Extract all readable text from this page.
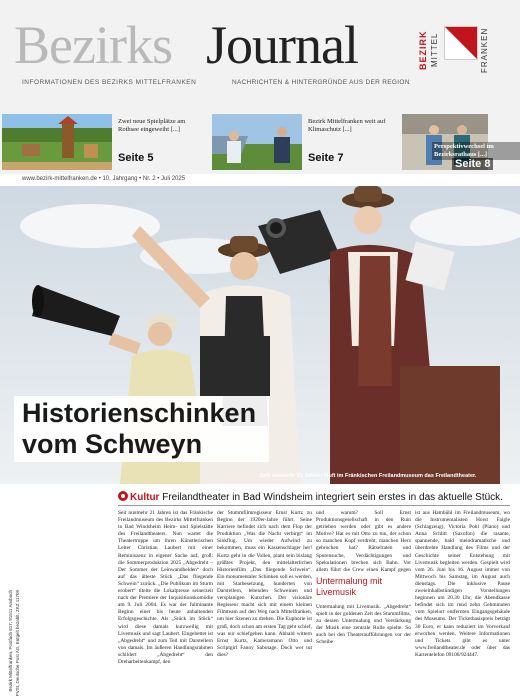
Bezirks Journal
INFORMATIONEN DES BEZIRKS MITTELFRANKEN	NACHRICHTEN & HINTERGRÜNDE AUS DER REGION
BEZIRK MITTEL	FRANKEN
Zwei neue Spielplätze am Rothsee eingeweiht [...]
Seite 5
Bezirk Mittelfranken weit auf Klimaschutz [...]
Seite 7
Perspektivwechsel im Bezirksrathaus [...]
Seite 8
www.bezirk-mittelfranken.de • 10. Jahrgang • Nr. 2 • Juli 2025
Historienschinken
vom Schweyn
Seit nunmehr 21 Jahren läuft im Fränkischen Freilandmuseum das Freilandtheater.
Bezirk Mittelfranken, Postfach 617, 91511 Ansbach PVSt, Deutsche Post AG, Entgelt bezahlt, ZKZ 11709
Kultur Freilandtheater in Bad Windsheim integriert sein erstes in das aktuelle Stück.
Seit nunmehr 21 Jahren ist das Fränkische Freilandmuseum des Bezirks Mittelfranken in Bad Windsheim Heim- und Spielstätte des Freilandtheaters. Nun wartet die Theatertruppe um ihren Künstlerischen Leiter Christian Laubert mit einer Reminiszenz in eigener Sache auf, groß: die Sommerproduktion 2025 „Abgedreht – Der Sommer der Leinwandhelden“ doch auf das älteste Stück „Das fliegende Schwein“ zurück. „Die Publikum im Sturm erobert“ titelte die Lokalpresse seinerzeit nach der Premiere der Inquisitionskomödie am 9. Juli 2004. Es war der fulminante Beginn einer bis heute anhaltenden Erfolgsgeschichte. Als „Stück im Stück“ wird diese damals kurzweilig mit Livemusik und sagt Laubert. Eingebettet ist „Abgedreht“ und zum Teil mit Darstellern von damals. Im äußeren Handlungsrahmen schildert „Abgedreht“ den Dreharbeitenkampf, den
der Stummfilmregisseur Ernst Kurtz zu Beginn der 1920er-Jahre führt. Seine Karriere befindet sich nach dem Flop der Produktion „Was die Nacht verbirgt“ im Sinkflug. Um wieder Aufwind zu bekommen, muss ein Kassenschlager her! Kurtz geht in die Vollen, plant sein bislang größtes Projekt, den mittelalterlichen Historienfilm „Das fliegende Schwein“. Ein monumentaler Schinken soll es werden, mit Starbesetzung, hunderten von Darstellern, lebenden Schweinen und versplanigen Kutschen. Der visionäre Regisseur macht sich mit einem kleinen Filmteam auf den Weg nach Mittelfranken, um hier Szenen zu drehen. Die Euphorie ist groß, doch schon am ersten Tag geht schief, was nur schiefgehen kann. Abbald wittern Ernst Kurtz, Kameramann Otto und Scriptgirl Fanny Sabotage. Doch wer tut dies?
und warum? Soll Ernst Produktionsgesellschaft in den Ruin getrieben werden oder gibt es andere Motive? Hat es mit Otto zu tun, der schon so manchen Kopf verdreht, manchen Herz gebrochen hat? Rätselraten und Spurensuche, Verdächtigungen und Spekulationen brechen sich Bahn. Vor allem führt die Crew einen Kampf gegen
Untermalung mit Livemusik
Untermalung mit Livemusik. „Abgedreht“ spielt in der goldenen Zeit des Stummfilms, zu dessen Untermalung und Verstärkung der Musik eine zentrale Rolle spielte. So auch bei den Theateraufführungen vor der Scheibe
ist aus Hambühl im Freilandmuseum, wo die Instrumentalisten Horst Faigle (Schlagzeug), Victoria Pohl (Piano) und Anna Schlitt (Saxofon) die rasante, spannende, bald melodramatische und überdrehte Handlung des Films und der Geschichte seiner Entstehung mit Livemusik begleiten werden. Gespielt wird vom 26. Juni bis 16. August immer von Mittwoch bis Samstag, im August auch dienstags. Die inklusive Pause zweieinhalbstündigen Vorstellungen beginnen um 20.30 Uhr, die Abendkasse befindet sich im rund zehn Gehminuten vom Spielort entfernten Eingangsgebäude des Museums. Der Ticketbasispreis beträgt 30 Euro, er kann reduziert im Vorverkauf erworben werden. Weitere Informationen und Tickets gibt es unter www.freilandtheater.de oder über das Kartentelefon 09106/924447.
